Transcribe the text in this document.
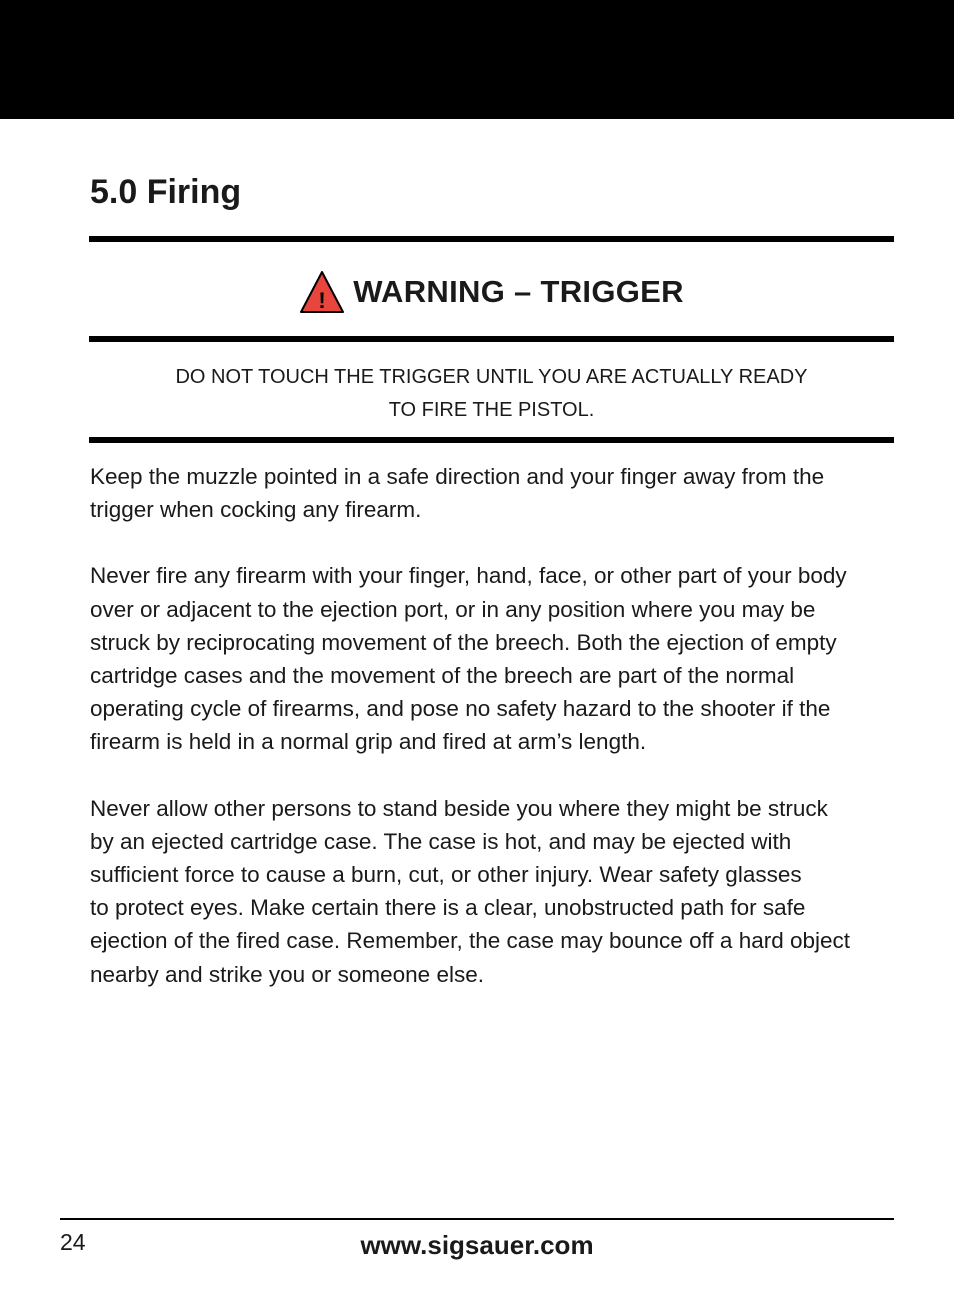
5.0 Firing
! WARNING – TRIGGER
DO NOT TOUCH THE TRIGGER UNTIL YOU ARE ACTUALLY READY
TO FIRE THE PISTOL.

Keep the muzzle pointed in a safe direction and your finger away from the
trigger when cocking any firearm.

Never fire any firearm with your finger, hand, face, or other part of your body
over or adjacent to the ejection port, or in any position where you may be
struck by reciprocating movement of the breech. Both the ejection of empty
cartridge cases and the movement of the breech are part of the normal
operating cycle of firearms, and pose no safety hazard to the shooter if the
firearm is held in a normal grip and fired at arm’s length.

Never allow other persons to stand beside you where they might be struck
by an ejected cartridge case. The case is hot, and may be ejected with
sufficient force to cause a burn, cut, or other injury. Wear safety glasses
to protect eyes. Make certain there is a clear, unobstructed path for safe
ejection of the fired case. Remember, the case may bounce off a hard object
nearby and strike you or someone else.

24	www.sigsauer.com
